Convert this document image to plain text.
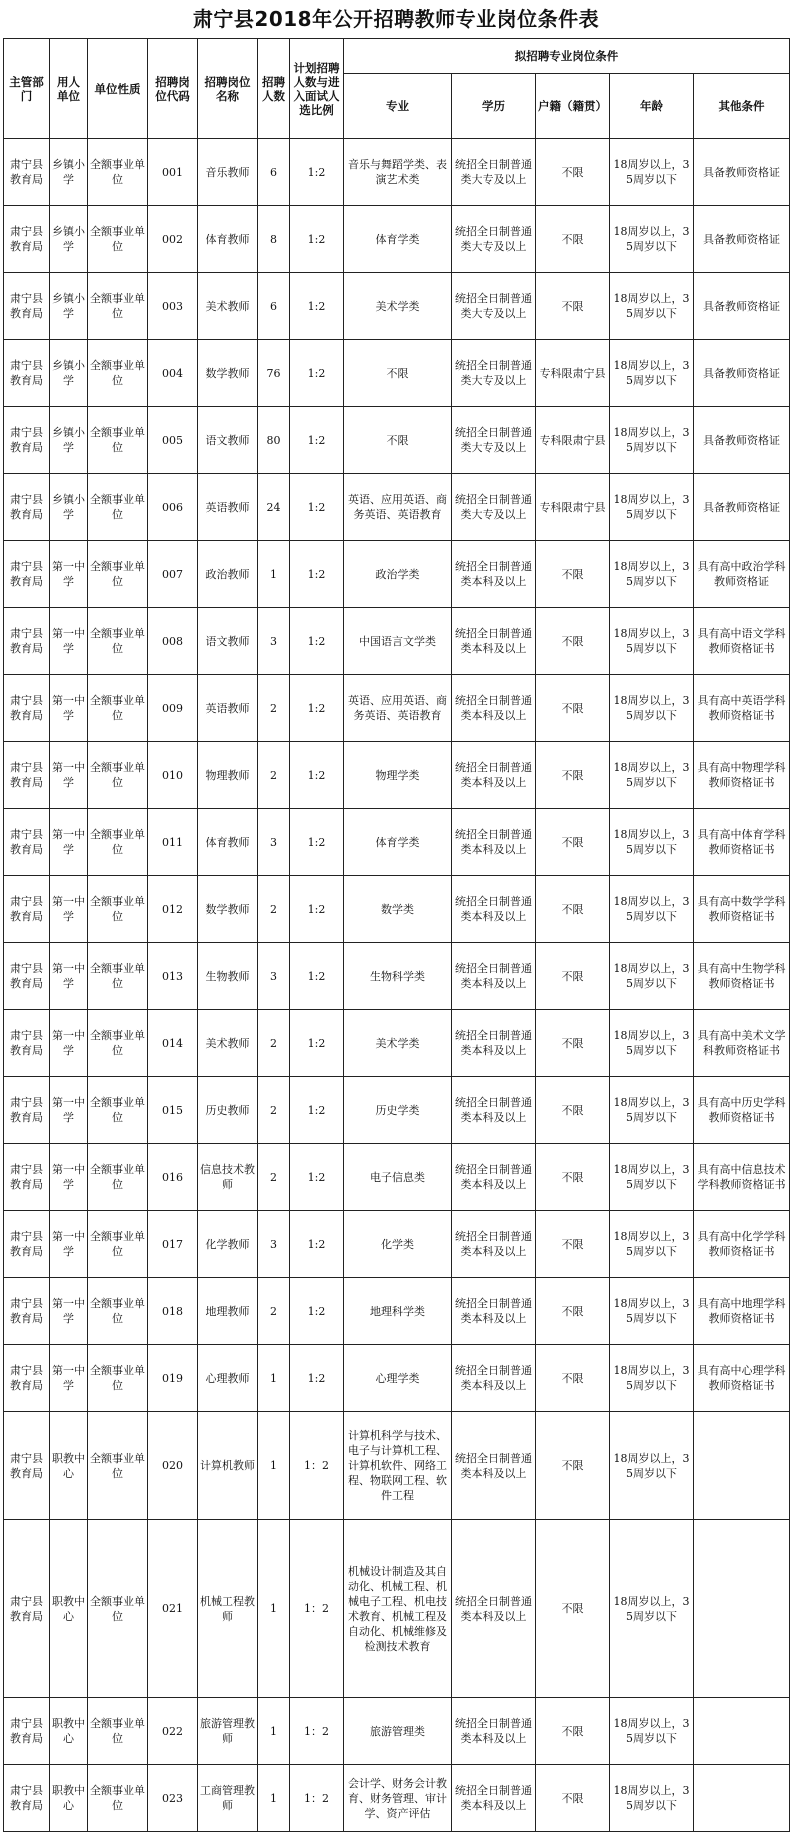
肃宁县2018年公开招聘教师专业岗位条件表
主管部门	用人单位	单位性质	招聘岗位代码	招聘岗位名称	招聘人数	计划招聘人数与进入面试人选比例	拟招聘专业岗位条件				
							专业	学历	户籍（籍贯）	年龄	其他条件
肃宁县教育局	乡镇小学	全额事业单位	001	音乐教师	6	1:2	音乐与舞蹈学类、表演艺术类	统招全日制普通类大专及以上	不限	18周岁以上，35周岁以下	具备教师资格证
肃宁县教育局	乡镇小学	全额事业单位	002	体育教师	8	1:2	体育学类	统招全日制普通类大专及以上	不限	18周岁以上，35周岁以下	具备教师资格证
肃宁县教育局	乡镇小学	全额事业单位	003	美术教师	6	1:2	美术学类	统招全日制普通类大专及以上	不限	18周岁以上，35周岁以下	具备教师资格证
肃宁县教育局	乡镇小学	全额事业单位	004	数学教师	76	1:2	不限	统招全日制普通类大专及以上	专科限肃宁县	18周岁以上，35周岁以下	具备教师资格证
肃宁县教育局	乡镇小学	全额事业单位	005	语文教师	80	1:2	不限	统招全日制普通类大专及以上	专科限肃宁县	18周岁以上，35周岁以下	具备教师资格证
肃宁县教育局	乡镇小学	全额事业单位	006	英语教师	24	1:2	英语、应用英语、商务英语、英语教育	统招全日制普通类大专及以上	专科限肃宁县	18周岁以上，35周岁以下	具备教师资格证
肃宁县教育局	第一中学	全额事业单位	007	政治教师	1	1:2	政治学类	统招全日制普通类本科及以上	不限	18周岁以上，35周岁以下	具有高中政治学科教师资格证
肃宁县教育局	第一中学	全额事业单位	008	语文教师	3	1:2	中国语言文学类	统招全日制普通类本科及以上	不限	18周岁以上，35周岁以下	具有高中语文学科教师资格证书
肃宁县教育局	第一中学	全额事业单位	009	英语教师	2	1:2	英语、应用英语、商务英语、英语教育	统招全日制普通类本科及以上	不限	18周岁以上，35周岁以下	具有高中英语学科教师资格证书
肃宁县教育局	第一中学	全额事业单位	010	物理教师	2	1:2	物理学类	统招全日制普通类本科及以上	不限	18周岁以上，35周岁以下	具有高中物理学科教师资格证书
肃宁县教育局	第一中学	全额事业单位	011	体育教师	3	1:2	体育学类	统招全日制普通类本科及以上	不限	18周岁以上，35周岁以下	具有高中体育学科教师资格证书
肃宁县教育局	第一中学	全额事业单位	012	数学教师	2	1:2	数学类	统招全日制普通类本科及以上	不限	18周岁以上，35周岁以下	具有高中数学学科教师资格证书
肃宁县教育局	第一中学	全额事业单位	013	生物教师	3	1:2	生物科学类	统招全日制普通类本科及以上	不限	18周岁以上，35周岁以下	具有高中生物学科教师资格证书
肃宁县教育局	第一中学	全额事业单位	014	美术教师	2	1:2	美术学类	统招全日制普通类本科及以上	不限	18周岁以上，35周岁以下	具有高中美术文学科教师资格证书
肃宁县教育局	第一中学	全额事业单位	015	历史教师	2	1:2	历史学类	统招全日制普通类本科及以上	不限	18周岁以上，35周岁以下	具有高中历史学科教师资格证书
肃宁县教育局	第一中学	全额事业单位	016	信息技术教师	2	1:2	电子信息类	统招全日制普通类本科及以上	不限	18周岁以上，35周岁以下	具有高中信息技术学科教师资格证书
肃宁县教育局	第一中学	全额事业单位	017	化学教师	3	1:2	化学类	统招全日制普通类本科及以上	不限	18周岁以上，35周岁以下	具有高中化学学科教师资格证书
肃宁县教育局	第一中学	全额事业单位	018	地理教师	2	1:2	地理科学类	统招全日制普通类本科及以上	不限	18周岁以上，35周岁以下	具有高中地理学科教师资格证书
肃宁县教育局	第一中学	全额事业单位	019	心理教师	1	1:2	心理学类	统招全日制普通类本科及以上	不限	18周岁以上，35周岁以下	具有高中心理学科教师资格证书
肃宁县教育局	职教中心	全额事业单位	020	计算机教师	1	1：2	计算机科学与技术、电子与计算机工程、计算机软件、网络工程、物联网工程、软件工程	统招全日制普通类本科及以上	不限	18周岁以上，35周岁以下	
肃宁县教育局	职教中心	全额事业单位	021	机械工程教师	1	1：2	机械设计制造及其自动化、机械工程、机械电子工程、机电技术教育、机械工程及自动化、机械维修及检测技术教育	统招全日制普通类本科及以上	不限	18周岁以上，35周岁以下	
肃宁县教育局	职教中心	全额事业单位	022	旅游管理教师	1	1：2	旅游管理类	统招全日制普通类本科及以上	不限	18周岁以上，35周岁以下	
肃宁县教育局	职教中心	全额事业单位	023	工商管理教师	1	1：2	会计学、财务会计教育、财务管理、审计学、资产评估	统招全日制普通类本科及以上	不限	18周岁以上，35周岁以下	
